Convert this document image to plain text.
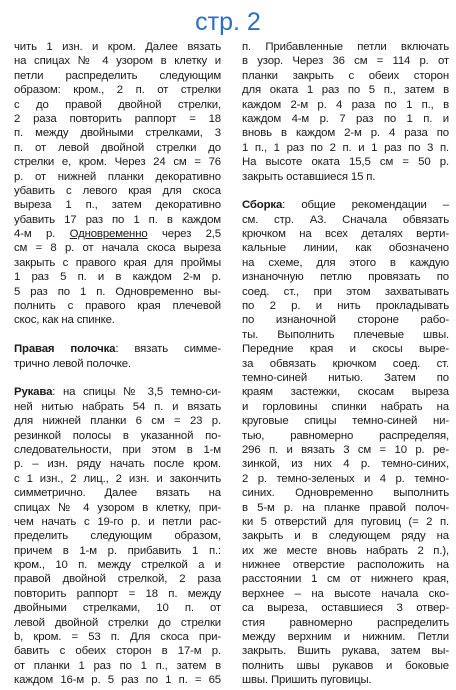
стр. 2
чить 1 изн. и кром. Далее вязать
на спицах № 4 узором в клетку и
петли распределить следующим
образом: кром., 2 п. от стрелки
с до правой двойной стрелки,
2 раза повторить раппорт = 18
п. между двойными стрелками, 3
п. от левой двойной стрелки до
стрелки e, кром. Через 24 см = 76
р. от нижней планки декоративно
убавить с левого края для скоса
выреза 1 п., затем декоративно
убавить 17 раз по 1 п. в каждом
4-м р. Одновременно через 2,5
см = 8 р. от начала скоса выреза
закрыть с правого края для проймы
1 раз 5 п. и в каждом 2-м р.
5 раз по 1 п. Одновременно вы-
полнить с правого края плечевой
скос, как на спинке.
Правая полочка: вязать симме-
трично левой полочке.
Рукава: на спицы № 3,5 темно-си-
ней нитью набрать 54 п. и вязать
для нижней планки 6 см = 23 р.
резинкой полосы в указанной по-
следовательности, при этом в 1-м
р. – изн. ряду начать после кром.
с 1 изн., 2 лиц., 2 изн. и закончить
симметрично. Далее вязать на
спицах № 4 узором в клетку, при-
чем начать с 19-го р. и петли рас-
пределить следующим образом,
причем в 1-м р. прибавить 1 п.:
кром., 10 п. между стрелкой a и
правой двойной стрелкой, 2 раза
повторить раппорт = 18 п. между
двойными стрелками, 10 п. от
левой двойной стрелки до стрелки
b, кром. = 53 п. Для скоса при-
бавить с обеих сторон в 17-м р.
от планки 1 раз по 1 п., затем в
каждом 16-м р. 5 раз по 1 п. = 65
п. Прибавленные петли включать
в узор. Через 36 см = 114 р. от
планки закрыть с обеих сторон
для оката 1 раз по 5 п., затем в
каждом 2-м р. 4 раза по 1 п., в
каждом 4-м р. 7 раз по 1 п. и
вновь в каждом 2-м р. 4 раза по
1 п., 1 раз по 2 п. и 1 раз по 3 п.
На высоте оката 15,5 см = 50 р.
закрыть оставшиеся 15 п.
Сборка: общие рекомендации –
см. стр. А3. Сначала обвязать
крючком на всех деталях верти-
кальные линии, как обозначено
на схеме, для этого в каждую
изнаночную петлю провязать по
соед. ст., при этом захватывать
по 2 р. и нить прокладывать
по изнаночной стороне рабо-
ты. Выполнить плечевые швы.
Передние края и скосы выре-
за обвязать крючком соед. ст.
темно-синей нитью. Затем по
краям застежки, скосам выреза
и горловины спинки набрать на
круговые спицы темно-синей ни-
тью, равномерно распределяя,
296 п. и вязать 3 см = 10 р. ре-
зинкой, из них 4 р. темно-синих,
2 р. темно-зеленых и 4 р. темно-
синих. Одновременно выполнить
в 5-м р. на планке правой полоч-
ки 5 отверстий для пуговиц (= 2 п.
закрыть и в следующем ряду на
их же месте вновь набрать 2 п.),
нижнее отверстие расположить на
расстоянии 1 см от нижнего края,
верхнее – на высоте начала ско-
са выреза, оставшиеся 3 отвер-
стия равномерно распределить
между верхним и нижним. Петли
закрыть. Вшить рукава, затем вы-
полнить швы рукавов и боковые
швы. Пришить пуговицы.
